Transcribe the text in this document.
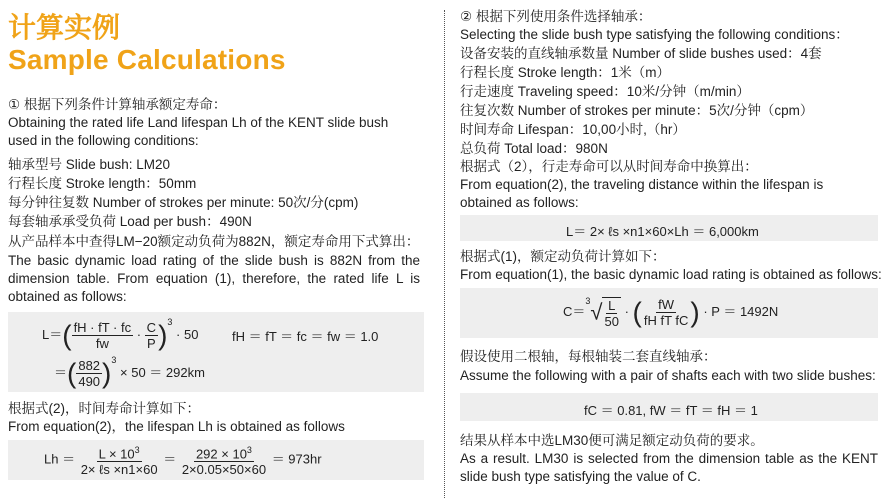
计算实例
Sample Calculations
① 根据下列条件计算轴承额定寿命：
Obtaining the rated life Land lifespan Lh of the KENT slide bush used in the following conditions:
轴承型号 Slide bush: LM20
行程长度 Stroke length：50mm
每分钟往复数 Number of strokes per minute: 50次/分(cpm)
每套轴承承受负荷 Load per bush：490N
从产品样本中查得LM−20额定动负荷为882N，额定寿命用下式算出：
The basic dynamic load rating of the slide bush is 882N from the dimension table. From equation (1), therefore, the rated life L is obtained as follows:
$L=( \frac{fH \cdot fT \cdot fc}{fw} \cdot \frac{C}{P} )^3 \cdot 50$	fH ＝ fT ＝ fc ＝ fw ＝ 1.0
＝( $\frac{882}{490} )^3 \times 50 = 292km$
根据式(2)，时间寿命计算如下：
From equation(2)，the lifespan Lh is obtained as follows
$Lh = \frac{L \times 10^3}{\text{2× ℓs ×n1×60}} = \frac{292 \times 10^3}{2\times 0.05\times 50\times 60} = 973hr$
② 根据下列使用条件选择轴承：
Selecting the slide bush type satisfying the following conditions：
设备安装的直线轴承数量 Number of slide bushes used：4套
行程长度 Stroke length：1米（m）
行走速度 Traveling speed：10米/分钟（m/min）
往复次数 Number of strokes per minute：5次/分钟（cpm）
时间寿命 Lifespan：10,00小时,（hr）
总负荷 Total load：980N
根据式（2），行走寿命可以从时间寿命中换算出：
From equation(2), the traveling distance within the lifespan is obtained as follows:
L＝ 2× ℓs ×n1×60×Lh ＝ 6,000km
根据式(1)，额定动负荷计算如下：
From equation(1), the basic dynamic load rating is obtained as follows:
$C=^3√ \frac{L}{50}$ · ( $\frac{fW}{\text{fH fT fC}}$ ) · P ＝ 1492N
假设使用二根轴，每根轴装二套直线轴承：
Assume the following with a pair of shafts each with two slide bushes:
fC ＝ 0.81, fW ＝ fT ＝ fH ＝ 1
结果从样本中选LM30便可满足额定动负荷的要求。
As a result. LM30 is selected from the dimension table as the KENT slide bush type satisfying the value of C.
